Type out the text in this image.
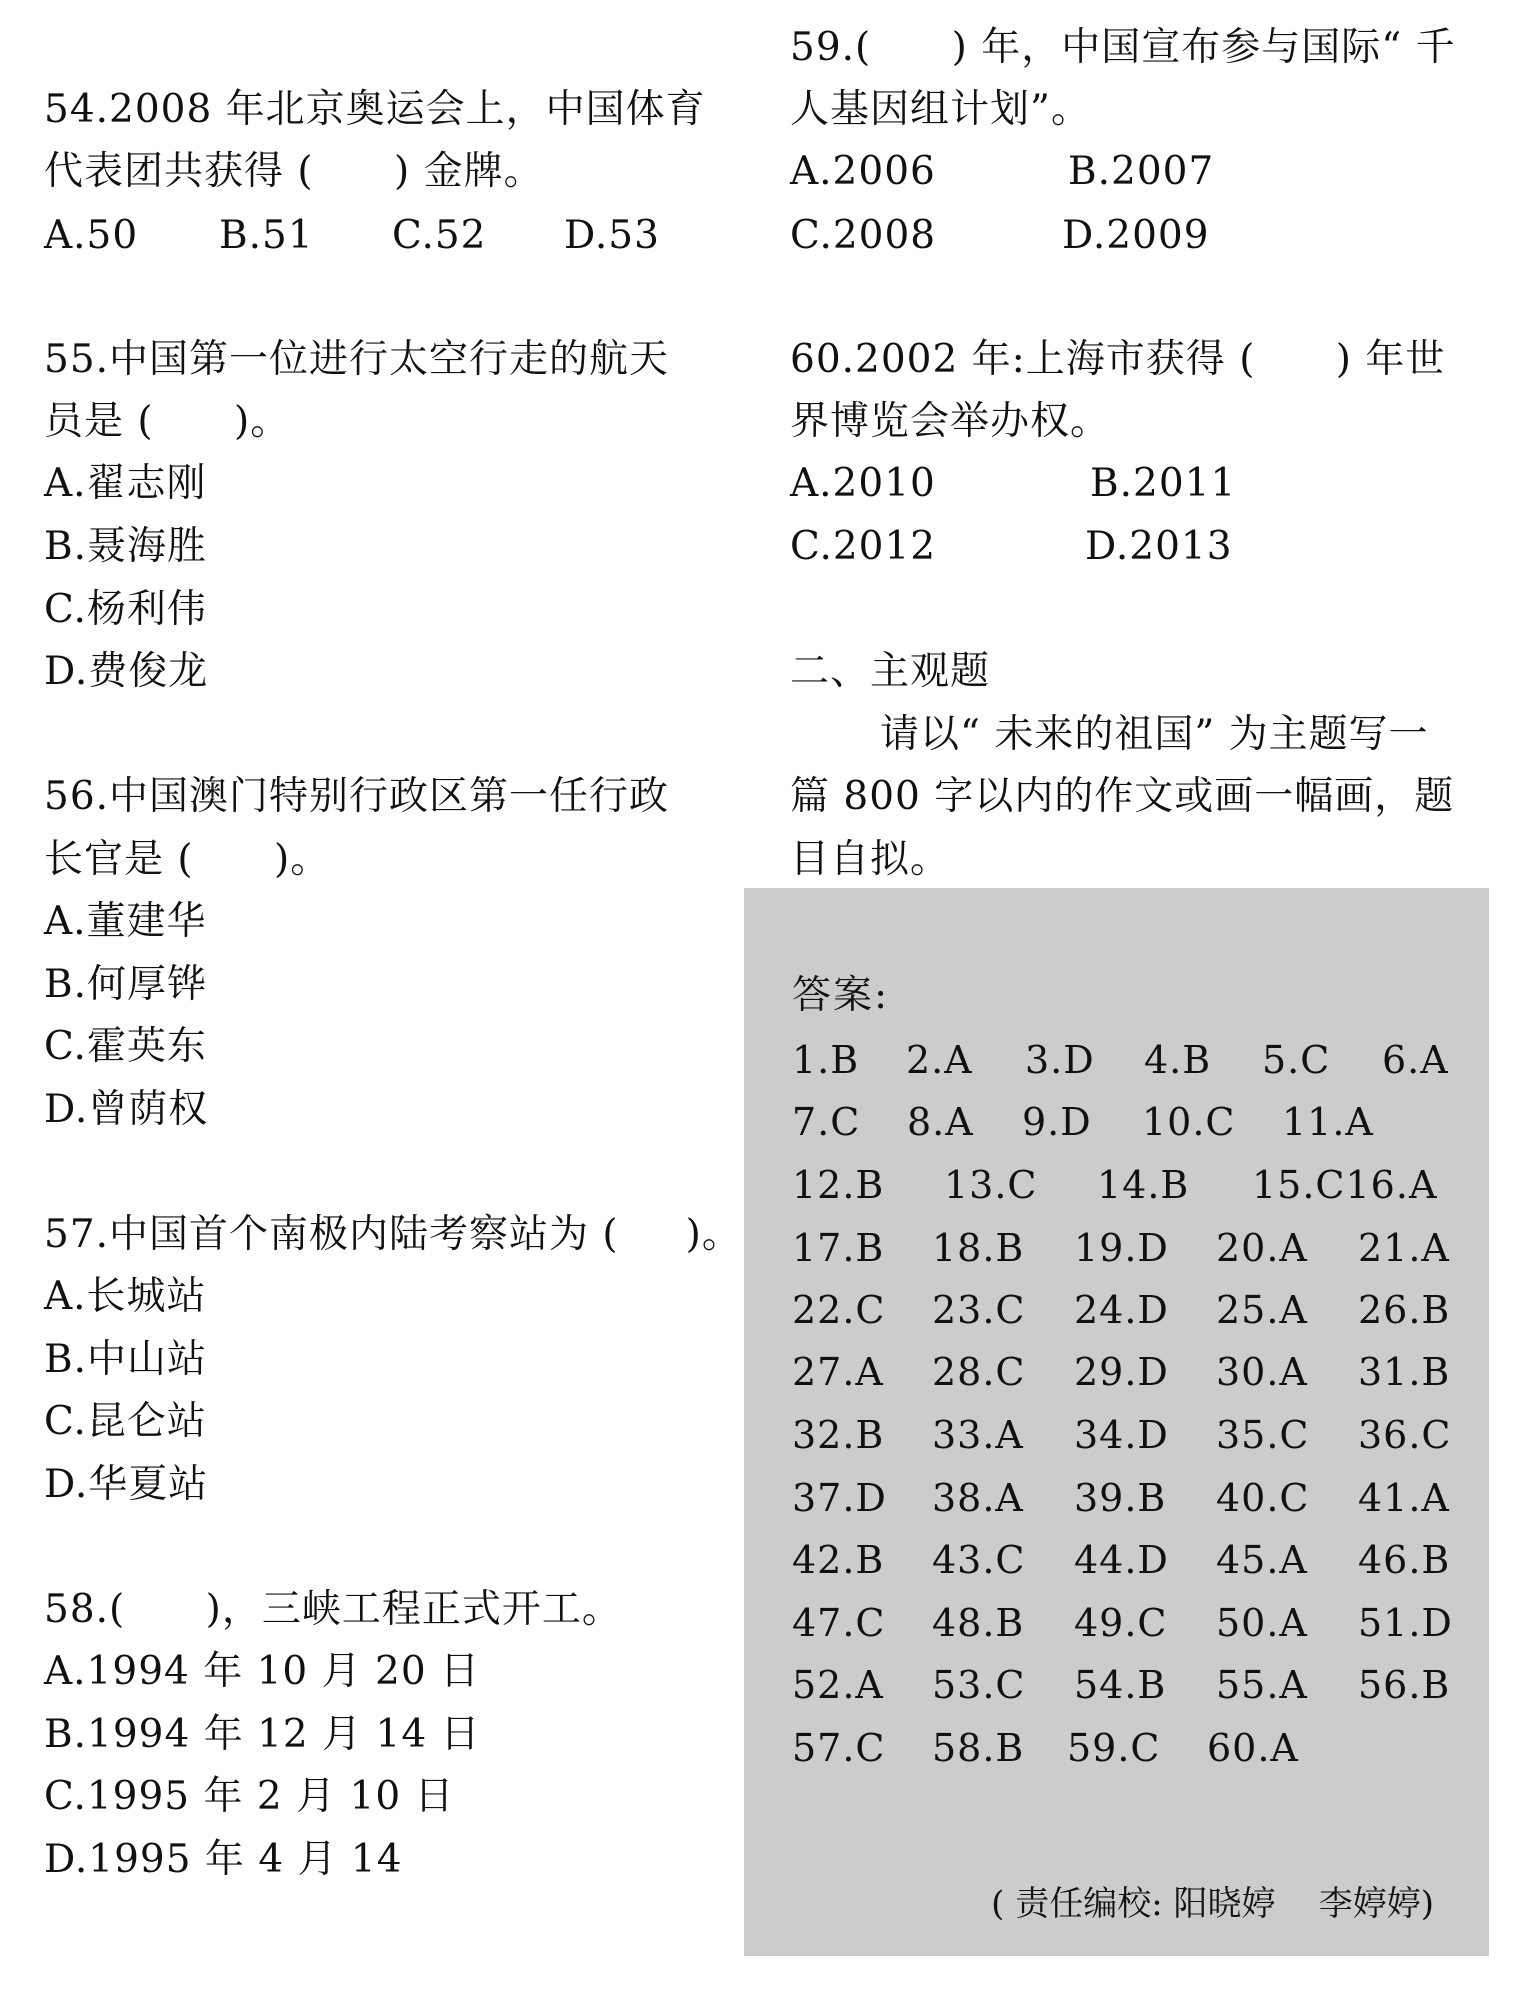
54.2008 年北京奥运会上，中国体育
代表团共获得 (      ) 金牌。

A.50

B.51

C.52

D.53

55.中国第一位进行太空行走的航天
员是 (      )。
A.翟志刚
B.聂海胜
C.杨利伟
D.费俊龙
56.中国澳门特别行政区第一任行政
长官是 (      )。
A.董建华
B.何厚铧
C.霍英东
D.曾荫权
57.中国首个南极内陆考察站为 (     )。
A.长城站
B.中山站
C.昆仑站
D.华夏站
58.(      )，三峡工程正式开工。
A.1994 年 10 月 20 日
B.1994 年 12 月 14 日
C.1995 年 2 月 10 日
D.1995 年 4 月 14
59.(      ) 年，中国宣布参与国际“ 千
人基因组计划”。

A.2006

	B.2007

C.2008

	D.2009

60.2002 年:上海市获得 (      ) 年世
界博览会举办权。

A.2010

	B.2011

C.2012

	D.2013

二、主观题
请以“ 未来的祖国” 为主题写一
篇 800 字以内的作文或画一幅画，题
目自拟。
答案:
1.B 2.A 3.D 4.B 5.C 6.A
7.C 8.A 9.D 10.C 11.A
12.B 13.C 14.B 15.C16.A
17.B 18.B 19.D 20.A 21.A
22.C 23.C 24.D 25.A 26.B
27.A 28.C 29.D 30.A 31.B
32.B 33.A 34.D 35.C 36.C
37.D 38.A 39.B 40.C 41.A
42.B 43.C 44.D 45.A 46.B
47.C 48.B 49.C 50.A 51.D
52.A 53.C 54.B 55.A 56.B
57.C 58.B 59.C 60.A
( 责任编校: 阳晓婷    李婷婷)
